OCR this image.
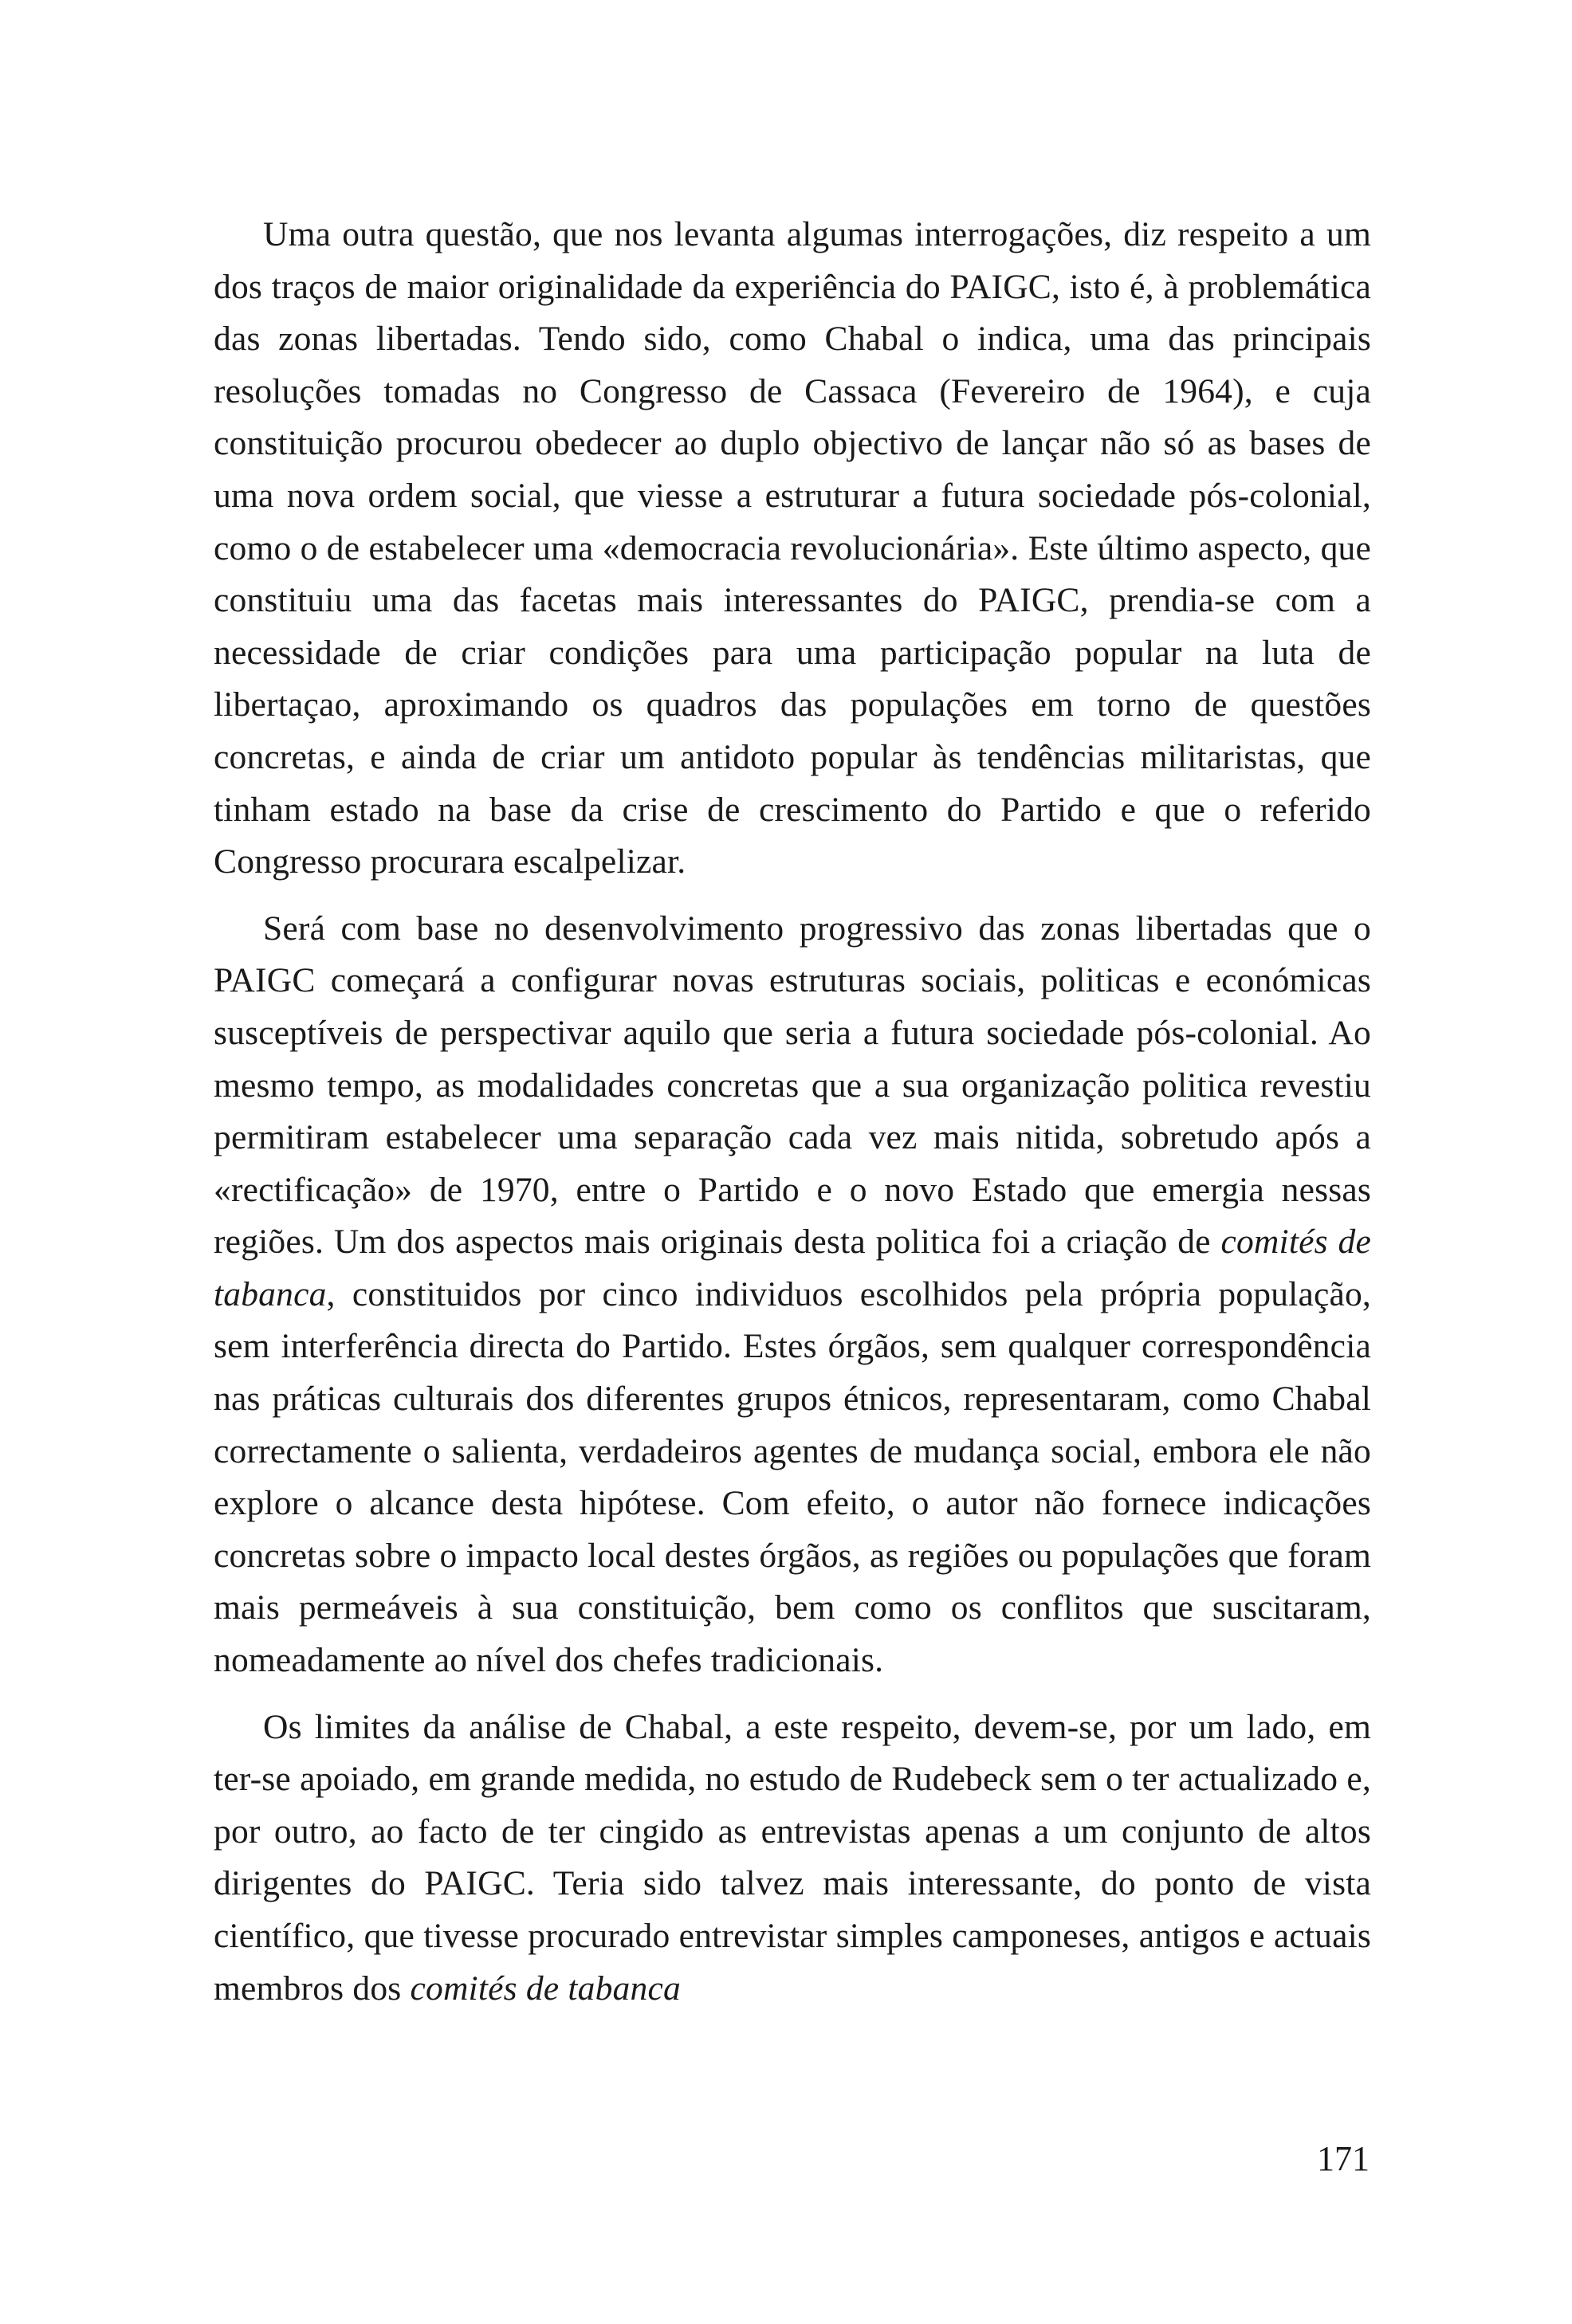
Uma outra questão, que nos levanta algumas interrogações, diz respeito a um dos traços de maior originalidade da experiência do PAIGC, isto é, à problemática das zonas libertadas. Tendo sido, como Chabal o indica, uma das principais resoluções tomadas no Congresso de Cassaca (Fevereiro de 1964), e cuja constituição procurou obedecer ao duplo objectivo de lançar não só as bases de uma nova ordem social, que viesse a estruturar a futura sociedade pós-colonial, como o de estabelecer uma «democracia revolucionária». Este último aspecto, que constituiu uma das facetas mais interessantes do PAIGC, prendia-se com a necessidade de criar condições para uma participação popular na luta de libertaçao, aproximando os quadros das populações em torno de questões concretas, e ainda de criar um antidoto popular às tendências militaristas, que tinham estado na base da crise de crescimento do Partido e que o referido Congresso procurara escalpelizar.

Será com base no desenvolvimento progressivo das zonas libertadas que o PAIGC começará a configurar novas estruturas sociais, politicas e económicas susceptíveis de perspectivar aquilo que seria a futura sociedade pós-colonial. Ao mesmo tempo, as modalidades concretas que a sua organização politica revestiu permitiram estabelecer uma separação cada vez mais nitida, sobretudo após a «rectificação» de 1970, entre o Partido e o novo Estado que emergia nessas regiões. Um dos aspectos mais originais desta politica foi a criação de comités de tabanca, constituidos por cinco individuos escolhidos pela própria população, sem interferência directa do Partido. Estes órgãos, sem qualquer correspondência nas práticas culturais dos diferentes grupos étnicos, representaram, como Chabal correctamente o salienta, verdadeiros agentes de mudança social, embora ele não explore o alcance desta hipótese. Com efeito, o autor não fornece indicações concretas sobre o impacto local destes órgãos, as regiões ou populações que foram mais permeáveis à sua constituição, bem como os conflitos que suscitaram, nomeadamente ao nível dos chefes tradicionais.

Os limites da análise de Chabal, a este respeito, devem-se, por um lado, em ter-se apoiado, em grande medida, no estudo de Rudebeck sem o ter actualizado e, por outro, ao facto de ter cingido as entrevistas apenas a um conjunto de altos dirigentes do PAIGC. Teria sido talvez mais interessante, do ponto de vista científico, que tivesse procurado entrevistar simples camponeses, antigos e actuais membros dos comités de tabanca

171
